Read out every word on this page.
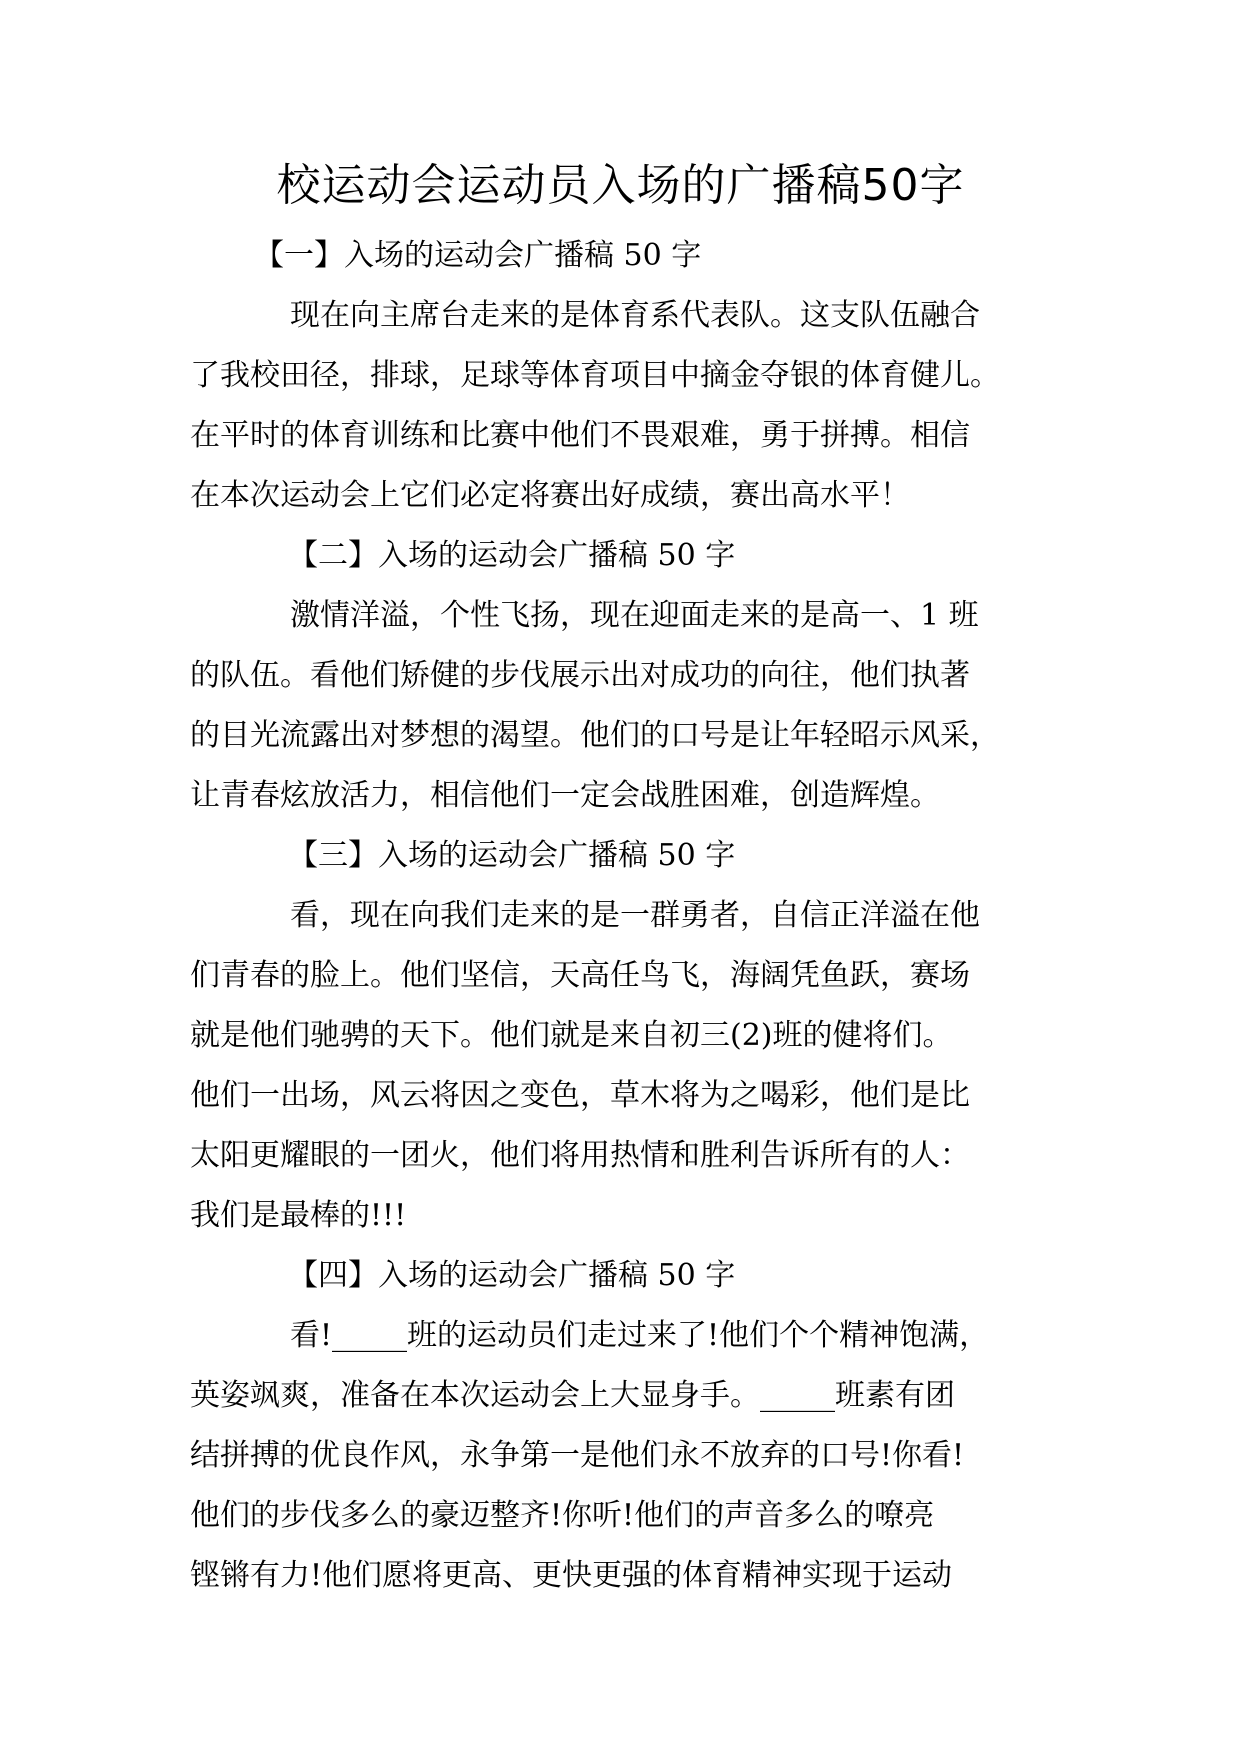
校运动会运动员入场的广播稿50字

【一】入场的运动会广播稿 50 字

现在向主席台走来的是体育系代表队。这支队伍融合
了我校田径，排球，足球等体育项目中摘金夺银的体育健儿。
在平时的体育训练和比赛中他们不畏艰难，勇于拼搏。相信
在本次运动会上它们必定将赛出好成绩，赛出高水平！

【二】入场的运动会广播稿 50 字

激情洋溢，个性飞扬，现在迎面走来的是高一、1 班
的队伍。看他们矫健的步伐展示出对成功的向往，他们执著
的目光流露出对梦想的渴望。他们的口号是让年轻昭示风采，
让青春炫放活力，相信他们一定会战胜困难，创造辉煌。

【三】入场的运动会广播稿 50 字

看，现在向我们走来的是一群勇者，自信正洋溢在他
们青春的脸上。他们坚信，天高任鸟飞，海阔凭鱼跃，赛场
就是他们驰骋的天下。他们就是来自初三(2)班的健将们。
他们一出场，风云将因之变色，草木将为之喝彩，他们是比
太阳更耀眼的一团火，他们将用热情和胜利告诉所有的人：
我们是最棒的!!!

【四】入场的运动会广播稿 50 字

看!_____班的运动员们走过来了!他们个个精神饱满，
英姿飒爽，准备在本次运动会上大显身手。_____班素有团
结拼搏的优良作风，永争第一是他们永不放弃的口号!你看!
他们的步伐多么的豪迈整齐!你听!他们的声音多么的嘹亮
铿锵有力!他们愿将更高、更快更强的体育精神实现于运动
